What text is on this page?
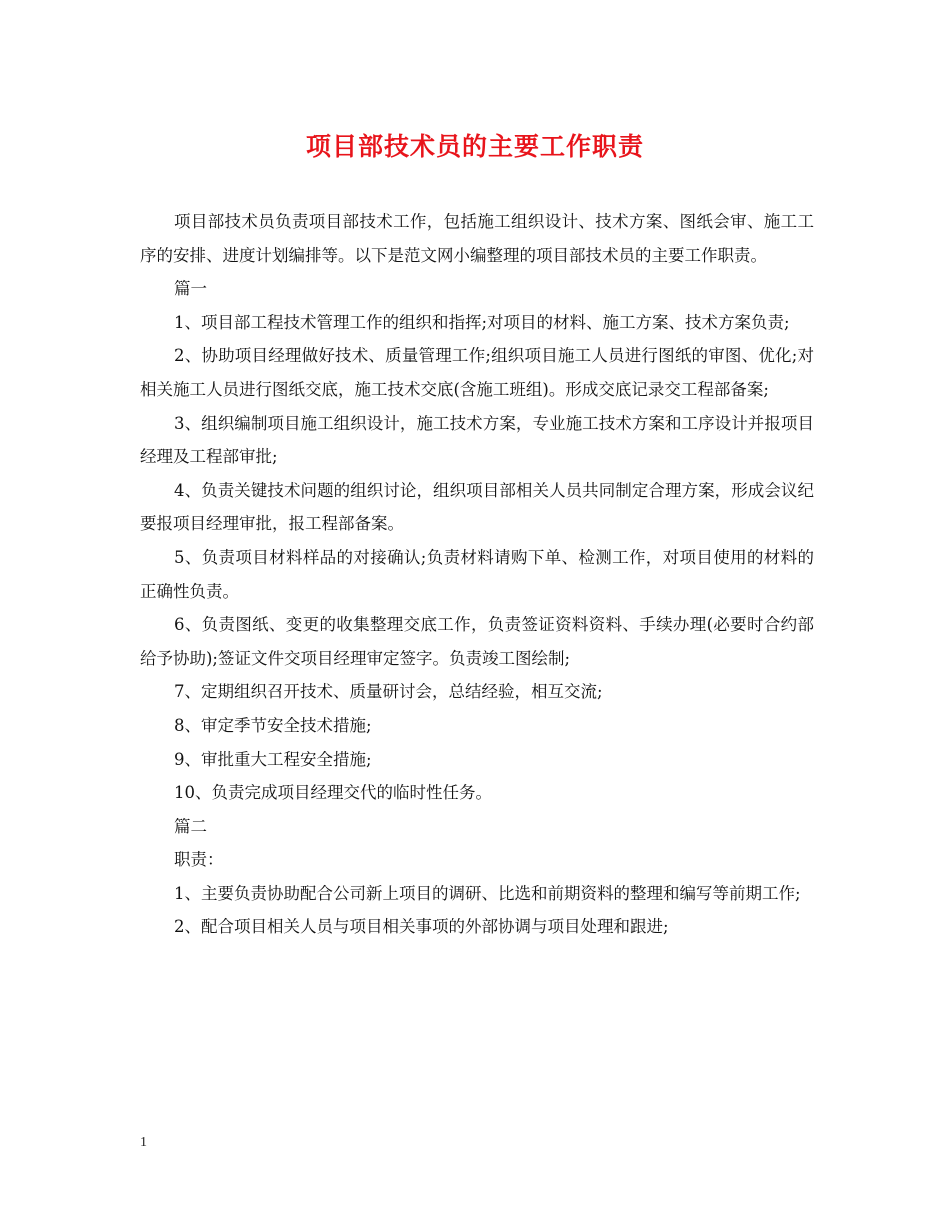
项目部技术员的主要工作职责

项目部技术员负责项目部技术工作，包括施工组织设计、技术方案、图纸会审、施工工序的安排、进度计划编排等。以下是范文网小编整理的项目部技术员的主要工作职责。

篇一

1、项目部工程技术管理工作的组织和指挥;对项目的材料、施工方案、技术方案负责;

2、协助项目经理做好技术、质量管理工作;组织项目施工人员进行图纸的审图、优化;对相关施工人员进行图纸交底，施工技术交底(含施工班组)。形成交底记录交工程部备案;

3、组织编制项目施工组织设计，施工技术方案，专业施工技术方案和工序设计并报项目经理及工程部审批;

4、负责关键技术问题的组织讨论，组织项目部相关人员共同制定合理方案，形成会议纪要报项目经理审批，报工程部备案。

5、负责项目材料样品的对接确认;负责材料请购下单、检测工作，对项目使用的材料的正确性负责。

6、负责图纸、变更的收集整理交底工作，负责签证资料资料、手续办理(必要时合约部给予协助);签证文件交项目经理审定签字。负责竣工图绘制;

7、定期组织召开技术、质量研讨会，总结经验，相互交流;

8、审定季节安全技术措施;

9、审批重大工程安全措施;

10、负责完成项目经理交代的临时性任务。

篇二

职责：

1、主要负责协助配合公司新上项目的调研、比选和前期资料的整理和编写等前期工作;

2、配合项目相关人员与项目相关事项的外部协调与项目处理和跟进;

1
